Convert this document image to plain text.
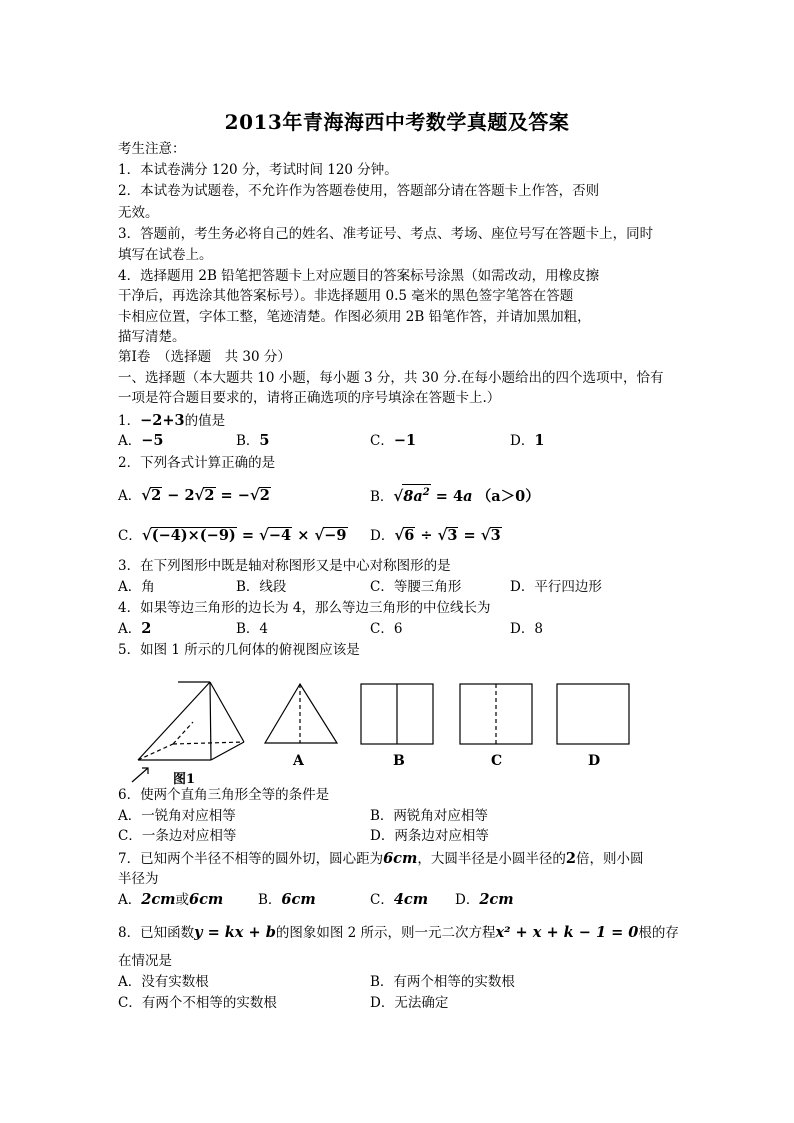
2013年青海海西中考数学真题及答案
考生注意：
1．本试卷满分 120 分，考试时间 120 分钟。
2．本试卷为试题卷，不允许作为答题卷使用，答题部分请在答题卡上作答，否则
无效。
3．答题前，考生务必将自己的姓名、准考证号、考点、考场、座位号写在答题卡上，同时
填写在试卷上。
4．选择题用 2B 铅笔把答题卡上对应题目的答案标号涂黑（如需改动，用橡皮擦
干净后，再选涂其他答案标号）。非选择题用 0.5 毫米的黑色签字笔答在答题
卡相应位置，字体工整，笔迹清楚。作图必须用 2B 铅笔作答，并请加黑加粗，
描写清楚。
第Ⅰ卷　（选择题　共 30 分）
一、选择题（本大题共 10 小题，每小题 3 分，共 30 分.在每小题给出的四个选项中，恰有
一项是符合题目要求的，请将正确选项的序号填涂在答题卡上.）
1．−2+3的值是
A．−5	B．5	C．−1	D．1
2．下列各式计算正确的是
A．√2 − 2√2 = −√2	B．$√8a^2 = 4a$ （a＞0）
C．√(−4)×(−9) = √−4 × √−9 D．√6 ÷ √3 = √3
3．在下列图形中既是轴对称图形又是中心对称图形的是
A．角	B．线段	C．等腰三角形	D．平行四边形
4．如果等边三角形的边长为 4，那么等边三角形的中位线长为
A．2	B．4	C．6	D．8
5．如图 1 所示的几何体的俯视图应该是
图1
A	B	C	D
6．使两个直角三角形全等的条件是
A．一锐角对应相等	B．两锐角对应相等
C．一条边对应相等	D．两条边对应相等
7．已知两个半径不相等的圆外切，圆心距为6cm，大圆半径是小圆半径的2倍，则小圆
半径为
A．2cm或6cm	B．6cm	C．4cm D．2cm
8．已知函数y = kx + b的图象如图 2 所示，则一元二次方程x² + x + k − 1 = 0根的存
在情况是
A．没有实数根	B．有两个相等的实数根
C．有两个不相等的实数根	D．无法确定
